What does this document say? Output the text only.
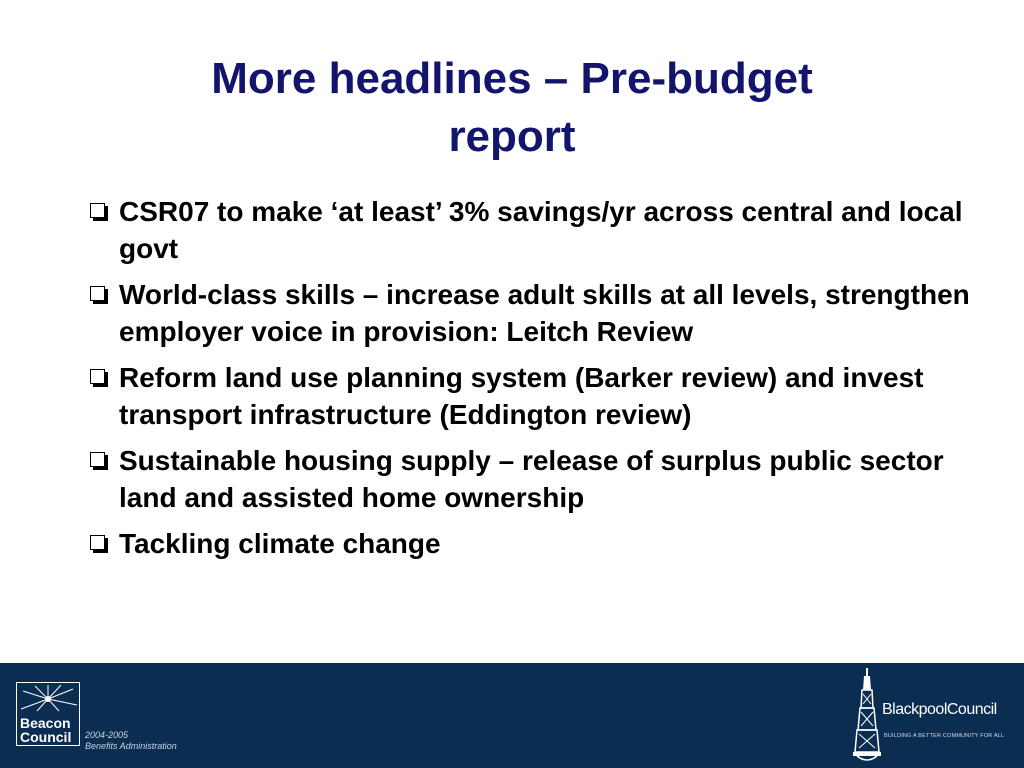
More headlines – Pre-budget
report
CSR07 to make ‘at least’ 3% savings/yr across central and local govt
World-class skills – increase adult skills at all levels, strengthen employer voice in provision: Leitch Review
Reform land use planning system (Barker review) and invest transport infrastructure (Eddington review)
Sustainable housing supply – release of surplus public sector land and assisted home ownership
Tackling climate change
Beacon
Council 2004-2005
Benefits Administration
BlackpoolCouncil
BUILDING A BETTER COMMUNITY FOR ALL
